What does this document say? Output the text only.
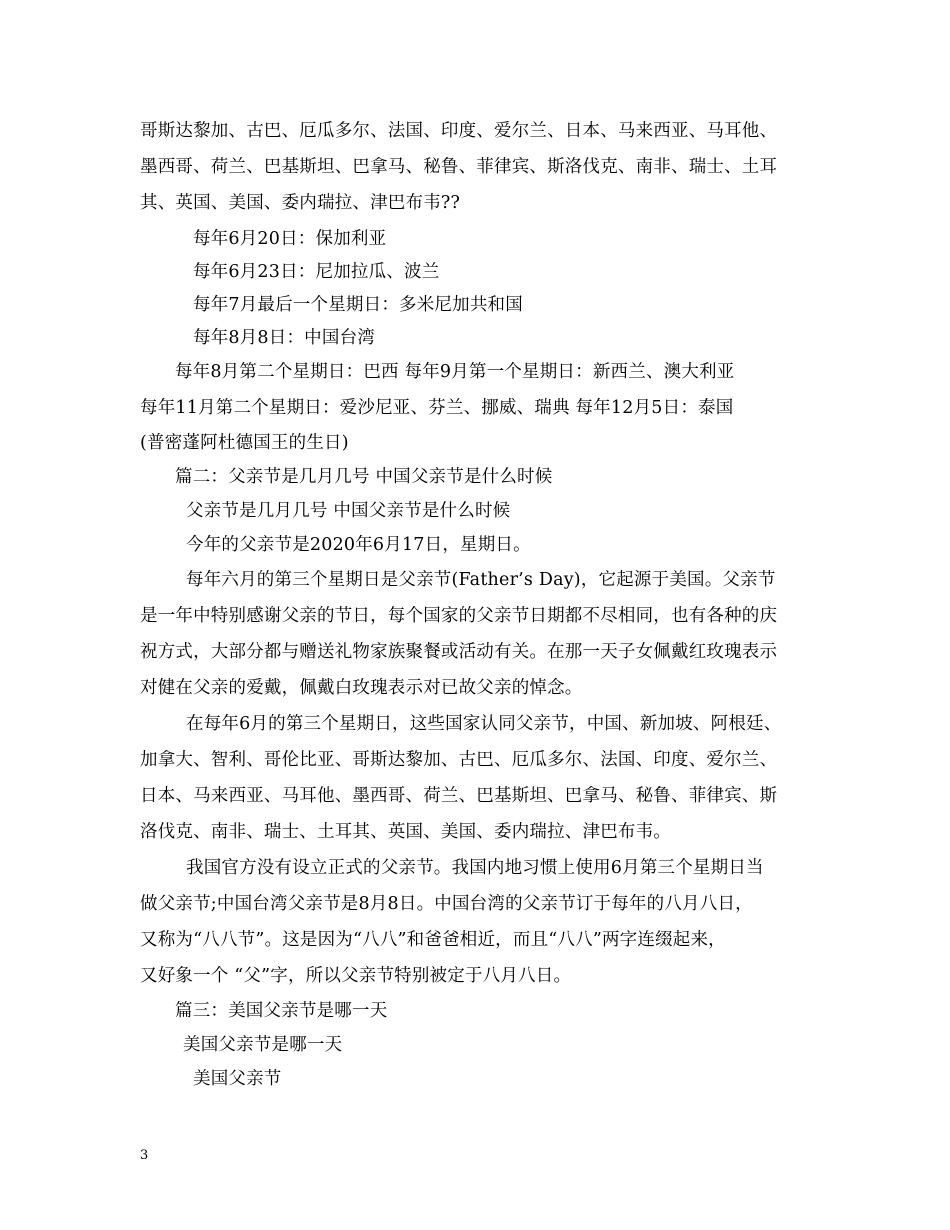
哥斯达黎加、古巴、厄瓜多尔、法国、印度、爱尔兰、日本、马来西亚、马耳他、
墨西哥、荷兰、巴基斯坦、巴拿马、秘鲁、菲律宾、斯洛伐克、南非、瑞士、土耳
其、英国、美国、委内瑞拉、津巴布韦??
每年6月20日：保加利亚
每年6月23日：尼加拉瓜、波兰
每年7月最后一个星期日：多米尼加共和国
每年8月8日：中国台湾
每年8月第二个星期日：巴西 每年9月第一个星期日：新西兰、澳大利亚
每年11月第二个星期日：爱沙尼亚、芬兰、挪威、瑞典 每年12月5日：泰国
(普密蓬阿杜德国王的生日)
篇二：父亲节是几月几号 中国父亲节是什么时候
父亲节是几月几号 中国父亲节是什么时候
今年的父亲节是2020年6月17日，星期日。
每年六月的第三个星期日是父亲节(Father’s Day)，它起源于美国。父亲节
是一年中特别感谢父亲的节日，每个国家的父亲节日期都不尽相同，也有各种的庆
祝方式，大部分都与赠送礼物家族聚餐或活动有关。在那一天子女佩戴红玫瑰表示
对健在父亲的爱戴，佩戴白玫瑰表示对已故父亲的悼念。
在每年6月的第三个星期日，这些国家认同父亲节，中国、新加坡、阿根廷、
加拿大、智利、哥伦比亚、哥斯达黎加、古巴、厄瓜多尔、法国、印度、爱尔兰、
日本、马来西亚、马耳他、墨西哥、荷兰、巴基斯坦、巴拿马、秘鲁、菲律宾、斯
洛伐克、南非、瑞士、土耳其、英国、美国、委内瑞拉、津巴布韦。
我国官方没有设立正式的父亲节。我国内地习惯上使用6月第三个星期日当
做父亲节;中国台湾父亲节是8月8日。中国台湾的父亲节订于每年的八月八日，
又称为“八八节”。这是因为“八八”和爸爸相近，而且“八八”两字连缀起来，
又好象一个 “父”字，所以父亲节特别被定于八月八日。
篇三：美国父亲节是哪一天
美国父亲节是哪一天
美国父亲节
3
